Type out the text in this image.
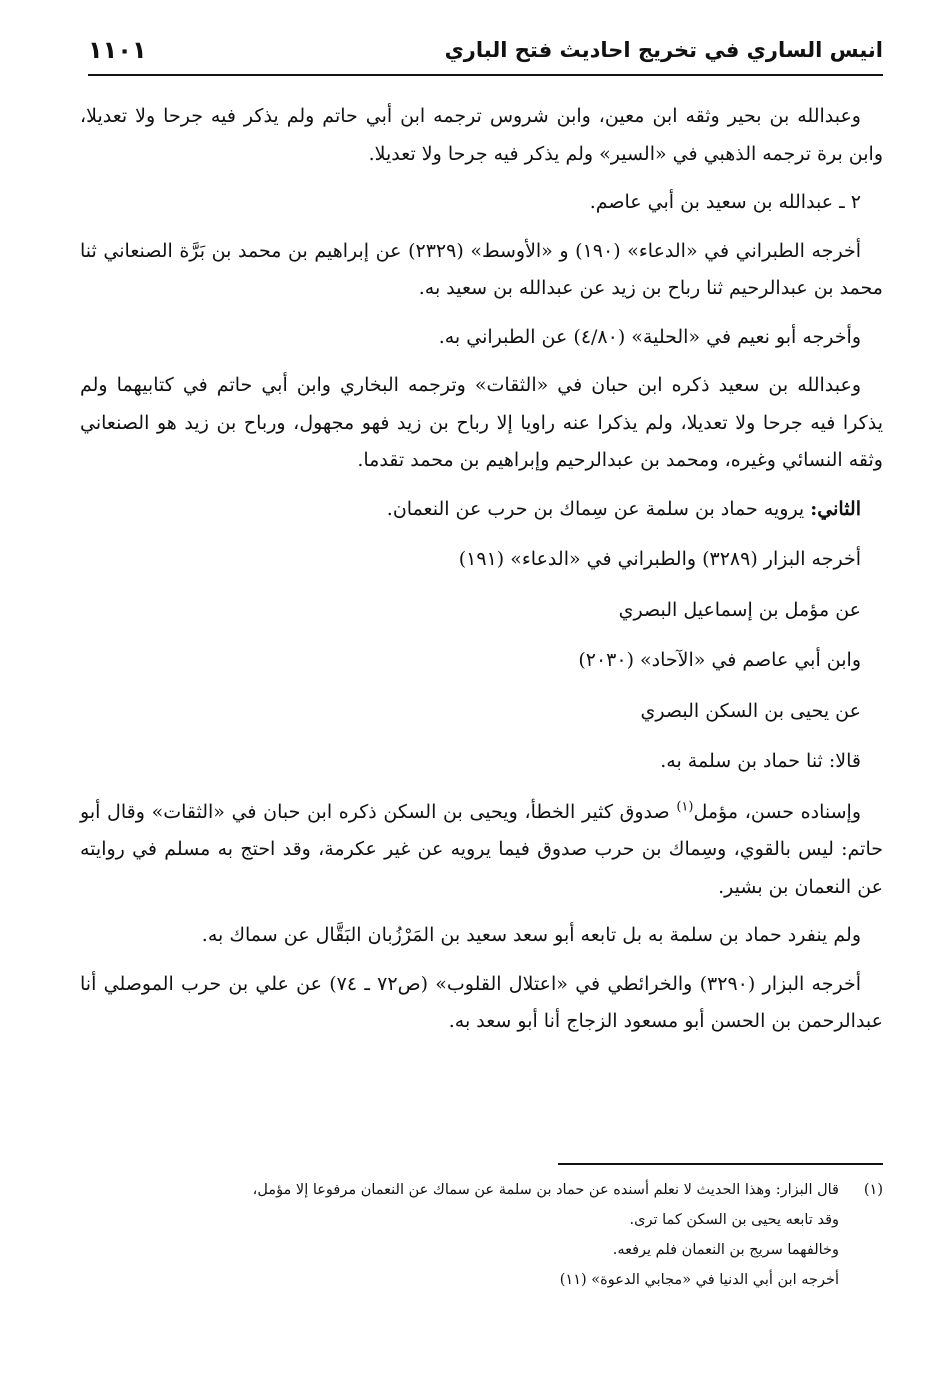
انيس الساري في تخريج احاديث فتح الباري
١١٠١

وعبدالله بن بحير وثقه ابن معين، وابن شروس ترجمه ابن أبي حاتم ولم يذكر فيه جرحا ولا تعديلا، وابن برة ترجمه الذهبي في «السير» ولم يذكر فيه جرحا ولا تعديلا.

٢ ـ عبدالله بن سعيد بن أبي عاصم.

أخرجه الطبراني في «الدعاء» (١٩٠) و «الأوسط» (٢٣٢٩) عن إبراهيم بن محمد بن بَرَّة الصنعاني ثنا محمد بن عبدالرحيم ثنا رباح بن زيد عن عبدالله بن سعيد به.

وأخرجه أبو نعيم في «الحلية» (٤/٨٠) عن الطبراني به.

وعبدالله بن سعيد ذكره ابن حبان في «الثقات» وترجمه البخاري وابن أبي حاتم في كتابيهما ولم يذكرا فيه جرحا ولا تعديلا، ولم يذكرا عنه راويا إلا رباح بن زيد فهو مجهول، ورباح بن زيد هو الصنعاني وثقه النسائي وغيره، ومحمد بن عبدالرحيم وإبراهيم بن محمد تقدما.

الثاني: يرويه حماد بن سلمة عن سِماك بن حرب عن النعمان.

أخرجه البزار (٣٢٨٩) والطبراني في «الدعاء» (١٩١)

عن مؤمل بن إسماعيل البصري

وابن أبي عاصم في «الآحاد» (٢٠٣٠)

عن يحيى بن السكن البصري

قالا: ثنا حماد بن سلمة به.

وإسناده حسن، مؤمل$^{(١)}$ صدوق كثير الخطأ، ويحيى بن السكن ذكره ابن حبان في «الثقات» وقال أبو حاتم: ليس بالقوي، وسِماك بن حرب صدوق فيما يرويه عن غير عكرمة، وقد احتج به مسلم في روايته عن النعمان بن بشير.

ولم ينفرد حماد بن سلمة به بل تابعه أبو سعد سعيد بن المَرْزُبان البَقَّال عن سماك به.

أخرجه البزار (٣٢٩٠) والخرائطي في «اعتلال القلوب» (ص٧٢ ـ ٧٤) عن علي بن حرب الموصلي أنا عبدالرحمن بن الحسن أبو مسعود الزجاج أنا أبو سعد به.

(١)
قال البزار: وهذا الحديث لا نعلم أسنده عن حماد بن سلمة عن سماك عن النعمان مرفوعا إلا مؤمل،

وقد تابعه يحيى بن السكن كما ترى.

وخالفهما سريج بن النعمان فلم يرفعه.

أخرجه ابن أبي الدنيا في «مجابي الدعوة» (١١)
